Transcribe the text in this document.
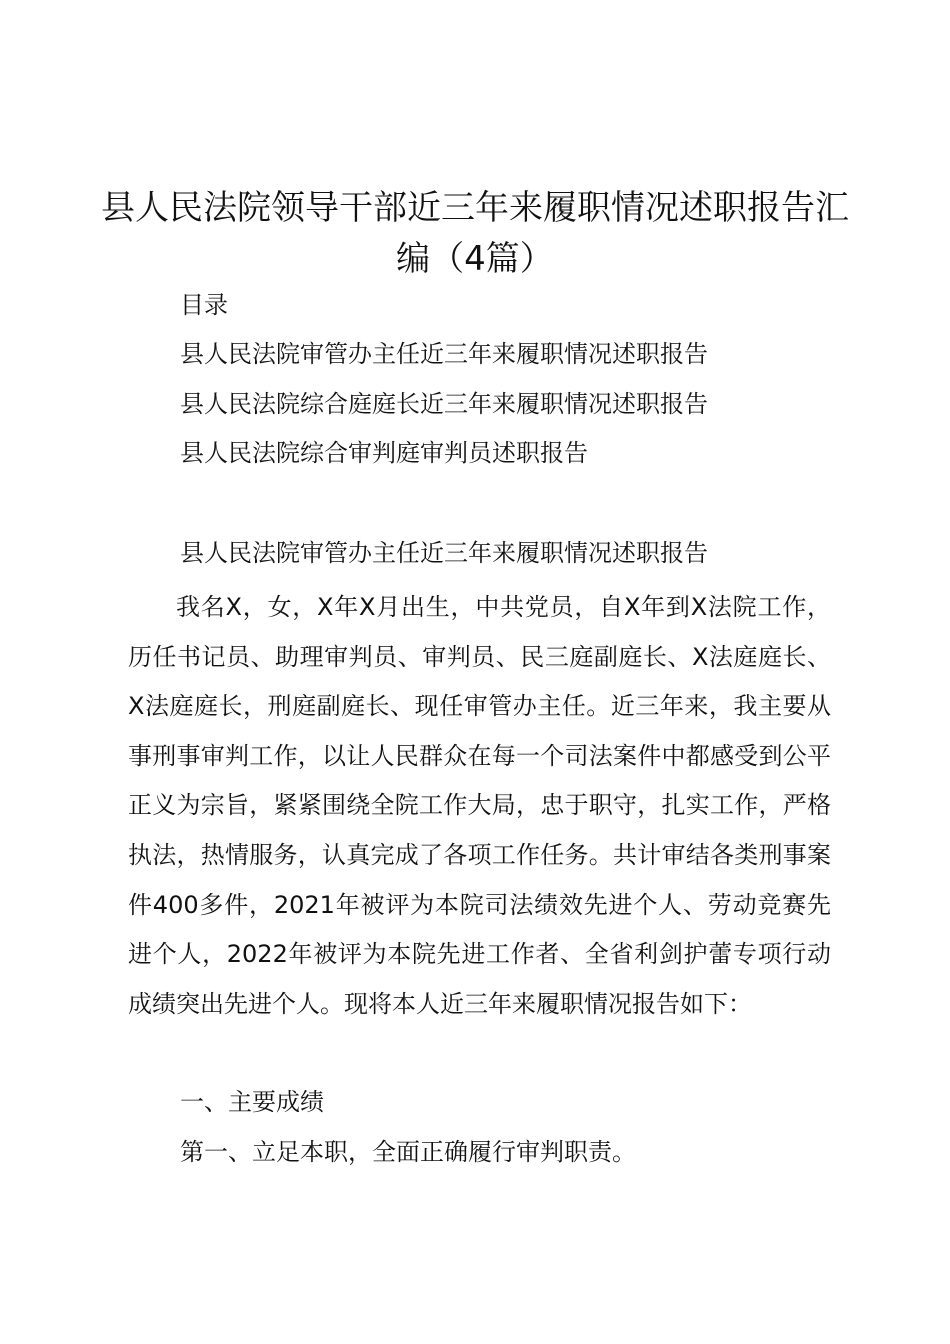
县人民法院领导干部近三年来履职情况述职报告汇编（4篇）

目录

县人民法院审管办主任近三年来履职情况述职报告

县人民法院综合庭庭长近三年来履职情况述职报告

县人民法院综合审判庭审判员述职报告

县人民法院审管办主任近三年来履职情况述职报告

我名X，女，X年X月出生，中共党员，自X年到X法院工作，历任书记员、助理审判员、审判员、民三庭副庭长、X法庭庭长、X法庭庭长，刑庭副庭长、现任审管办主任。近三年来，我主要从事刑事审判工作，以让人民群众在每一个司法案件中都感受到公平正义为宗旨，紧紧围绕全院工作大局，忠于职守，扎实工作，严格执法，热情服务，认真完成了各项工作任务。共计审结各类刑事案件400多件，2021年被评为本院司法绩效先进个人、劳动竞赛先进个人，2022年被评为本院先进工作者、全省利剑护蕾专项行动成绩突出先进个人。现将本人近三年来履职情况报告如下：

一、主要成绩

第一、立足本职，全面正确履行审判职责。
